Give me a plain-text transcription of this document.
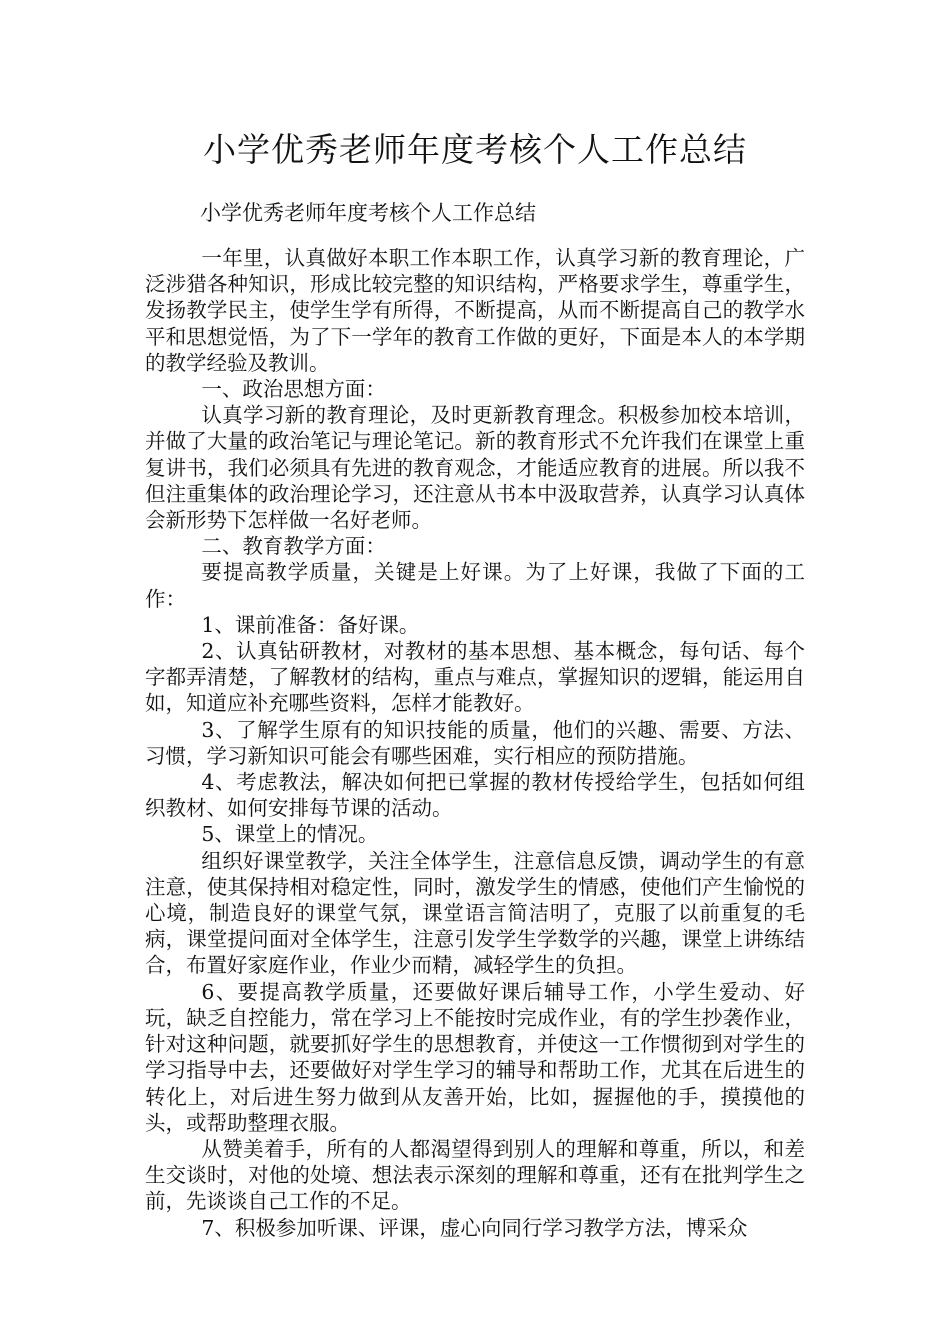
小学优秀老师年度考核个人工作总结

小学优秀老师年度考核个人工作总结

一年里，认真做好本职工作本职工作，认真学习新的教育理论，广泛涉猎各种知识，形成比较完整的知识结构，严格要求学生，尊重学生，发扬教学民主，使学生学有所得，不断提高，从而不断提高自己的教学水平和思想觉悟，为了下一学年的教育工作做的更好，下面是本人的本学期的教学经验及教训。

一、政治思想方面：

认真学习新的教育理论，及时更新教育理念。积极参加校本培训，并做了大量的政治笔记与理论笔记。新的教育形式不允许我们在课堂上重复讲书，我们必须具有先进的教育观念，才能适应教育的进展。所以我不但注重集体的政治理论学习，还注意从书本中汲取营养，认真学习认真体会新形势下怎样做一名好老师。

二、教育教学方面：

要提高教学质量，关键是上好课。为了上好课，我做了下面的工作：

1、课前准备：备好课。

2、认真钻研教材，对教材的基本思想、基本概念，每句话、每个字都弄清楚，了解教材的结构，重点与难点，掌握知识的逻辑，能运用自如，知道应补充哪些资料，怎样才能教好。

3、了解学生原有的知识技能的质量，他们的兴趣、需要、方法、习惯，学习新知识可能会有哪些困难，实行相应的预防措施。

4、考虑教法，解决如何把已掌握的教材传授给学生，包括如何组织教材、如何安排每节课的活动。

5、课堂上的情况。

组织好课堂教学，关注全体学生，注意信息反馈，调动学生的有意注意，使其保持相对稳定性，同时，激发学生的情感，使他们产生愉悦的心境，制造良好的课堂气氛，课堂语言简洁明了，克服了以前重复的毛病，课堂提问面对全体学生，注意引发学生学数学的兴趣，课堂上讲练结合，布置好家庭作业，作业少而精，减轻学生的负担。

6、要提高教学质量，还要做好课后辅导工作，小学生爱动、好玩，缺乏自控能力，常在学习上不能按时完成作业，有的学生抄袭作业，针对这种问题，就要抓好学生的思想教育，并使这一工作惯彻到对学生的学习指导中去，还要做好对学生学习的辅导和帮助工作，尤其在后进生的转化上，对后进生努力做到从友善开始，比如，握握他的手，摸摸他的头，或帮助整理衣服。

从赞美着手，所有的人都渴望得到别人的理解和尊重，所以，和差生交谈时，对他的处境、想法表示深刻的理解和尊重，还有在批判学生之前，先谈谈自己工作的不足。

7、积极参加听课、评课，虚心向同行学习教学方法，博采众
